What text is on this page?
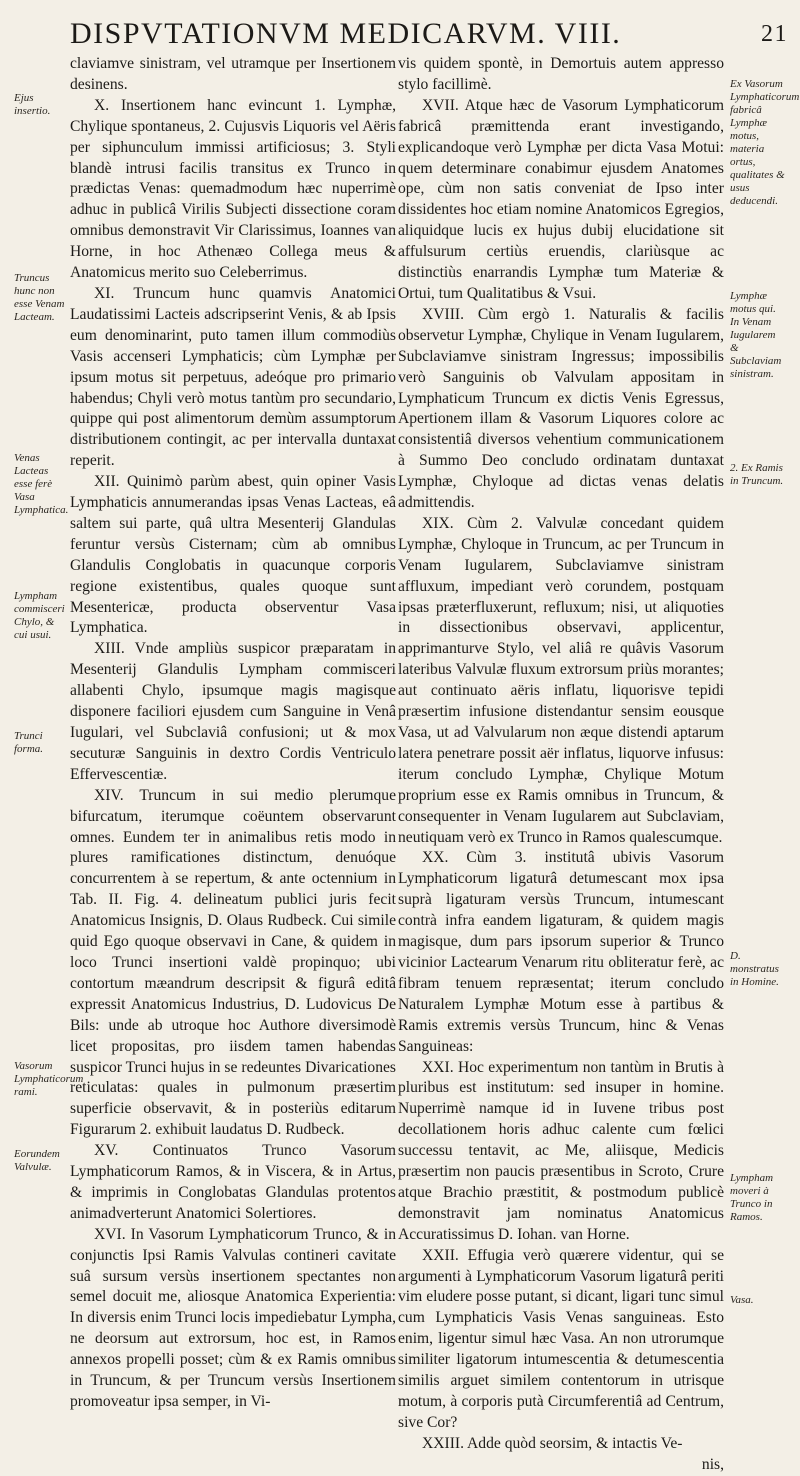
DISPVTATIONVM MEDICARVM. VIII.	21

claviamve sinistram, vel utramque per Insertionem desinens.

X. Insertionem hanc evincunt 1. Lymphæ, Chylique spontaneus, 2. Cujusvis Liquoris vel Aëris per siphunculum immissi artificiosus; 3. Styli blandè intrusi facilis transitus ex Trunco in prædictas Venas: quemadmodum hæc nuperrimè adhuc in publicâ Virilis Subjecti dissectione coram omnibus demonstravit Vir Clarissimus, Ioannes van Horne, in hoc Athenæo Collega meus & Anatomicus merito suo Celeberrimus.

XI. Truncum hunc quamvis Anatomici Laudatissimi Lacteis adscripserint Venis, & ab Ipsis eum denominarint, puto tamen illum commodiùs Vasis accenseri Lymphaticis; cùm Lymphæ per ipsum motus sit perpetuus, adeóque pro primario habendus; Chyli verò motus tantùm pro secundario, quippe qui post alimentorum demùm assumptorum distributionem contingit, ac per intervalla duntaxat reperit.

XII. Quinimò parùm abest, quin opiner Vasis Lymphaticis annumerandas ipsas Venas Lacteas, eâ saltem sui parte, quâ ultra Mesenterij Glandulas feruntur versùs Cisternam; cùm ab omnibus Glandulis Conglobatis in quacunque corporis regione existentibus, quales quoque sunt Mesentericæ, producta observentur Vasa Lymphatica.

XIII. Vnde ampliùs suspicor præparatam in Mesenterij Glandulis Lympham commisceri allabenti Chylo, ipsumque magis magisque disponere faciliori ejusdem cum Sanguine in Venâ Iugulari, vel Subclaviâ confusioni; ut & mox secuturæ Sanguinis in dextro Cordis Ventriculo Effervescentiæ.

XIV. Truncum in sui medio plerumque bifurcatum, iterumque coëuntem observarunt omnes. Eundem ter in animalibus retis modo in plures ramificationes distinctum, denuóque concurrentem à se repertum, & ante octennium in Tab. II. Fig. 4. delineatum publici juris fecit Anatomicus Insignis, D. Olaus Rudbeck. Cui simile quid Ego quoque observavi in Cane, & quidem in loco Trunci insertioni valdè propinquo; ubi contortum mæandrum descripsit & figurâ editâ expressit Anatomicus Industrius, D. Ludovicus De Bils: unde ab utroque hoc Authore diversimodè licet propositas, pro iisdem tamen habendas suspicor Trunci hujus in se redeuntes Divaricationes reticulatas: quales in pulmonum præsertim superficie observavit, & in posteriùs editarum Figurarum 2. exhibuit laudatus D. Rudbeck.

XV. Continuatos Trunco Vasorum Lymphaticorum Ramos, & in Viscera, & in Artus, & imprimis in Conglobatas Glandulas protentos animadverterunt Anatomici Solertiores.

XVI. In Vasorum Lymphaticorum Trunco, & in conjunctis Ipsi Ramis Valvulas contineri cavitate suâ sursum versùs insertionem spectantes non semel docuit me, aliosque Anatomica Experientia: In diversis enim Trunci locis impediebatur Lympha, ne deorsum aut extrorsum, hoc est, in Ramos annexos propelli posset; cùm & ex Ramis omnibus in Truncum, & per Truncum versùs Insertionem promoveatur ipsa semper, in Vi-

vis quidem spontè, in Demortuis autem appresso stylo facillimè.

XVII. Atque hæc de Vasorum Lymphaticorum fabricâ præmittenda erant investigando, explicandoque verò Lymphæ per dicta Vasa Motui: quem determinare conabimur ejusdem Anatomes ope, cùm non satis conveniat de Ipso inter dissidentes hoc etiam nomine Anatomicos Egregios, aliquidque lucis ex hujus dubij elucidatione sit affulsurum certiùs eruendis, clariùsque ac distinctiùs enarrandis Lymphæ tum Materiæ & Ortui, tum Qualitatibus & Vsui.

XVIII. Cùm ergò 1. Naturalis & facilis observetur Lymphæ, Chylique in Venam Iugularem, Subclaviamve sinistram Ingressus; impossibilis verò Sanguinis ob Valvulam appositam in Lymphaticum Truncum ex dictis Venis Egressus, Apertionem illam & Vasorum Liquores colore ac consistentiâ diversos vehentium communicationem à Summo Deo concludo ordinatam duntaxat Lymphæ, Chyloque ad dictas venas delatis admittendis.

XIX. Cùm 2. Valvulæ concedant quidem Lymphæ, Chyloque in Truncum, ac per Truncum in Venam Iugularem, Subclaviamve sinistram affluxum, impediant verò corundem, postquam ipsas præterfluxerunt, refluxum; nisi, ut aliquoties in dissectionibus observavi, applicentur, apprimanturve Stylo, vel aliâ re quâvis Vasorum lateribus Valvulæ fluxum extrorsum priùs morantes; aut continuato aëris inflatu, liquorisve tepidi præsertim infusione distendantur sensim eousque Vasa, ut ad Valvularum non æque distendi aptarum latera penetrare possit aër inflatus, liquorve infusus: iterum concludo Lymphæ, Chylique Motum proprium esse ex Ramis omnibus in Truncum, & consequenter in Venam Iugularem aut Subclaviam, neutiquam verò ex Trunco in Ramos qualescumque.

XX. Cùm 3. institutâ ubivis Vasorum Lymphaticorum ligaturâ detumescant mox ipsa suprà ligaturam versùs Truncum, intumescant contrà infra eandem ligaturam, & quidem magis magisque, dum pars ipsorum superior & Trunco vicinior Lactearum Venarum ritu obliteratur ferè, ac fibram tenuem repræsentat; iterum concludo Naturalem Lymphæ Motum esse à partibus & Ramis extremis versùs Truncum, hinc & Venas Sanguineas:

XXI. Hoc experimentum non tantùm in Brutis à pluribus est institutum: sed insuper in homine. Nuperrimè namque id in Iuvene tribus post decollationem horis adhuc calente cum fœlici successu tentavit, ac Me, aliisque, Medicis præsertim non paucis præsentibus in Scroto, Crure atque Brachio præstitit, & postmodum publicè demonstravit jam nominatus Anatomicus Accuratissimus D. Iohan. van Horne.

XXII. Effugia verò quærere videntur, qui se argumenti à Lymphaticorum Vasorum ligaturâ periti vim eludere posse putant, si dicant, ligari tunc simul cum Lymphaticis Vasis Venas sanguineas. Esto enim, ligentur simul hæc Vasa. An non utrorumque similiter ligatorum intumescentia & detumescentia similis arguet similem contentorum in utrisque motum, à corporis putà Circumferentiâ ad Centrum, sive Cor?

XXIII. Adde quòd seorsim, & intactis Ve-

nis,

Ejus insertio.
Truncus hunc non esse Venam Lacteam.
Venas Lacteas esse ferè Vasa Lymphatica.
Lympham commisceri Chylo, & cui usui.
Trunci forma.
Vasorum Lymphaticorum rami.
Eorundem Valvulæ.
Ex Vasorum Lymphaticorum fabricâ Lymphæ motus, materia ortus, qualitates & usus deducendi.
Lymphæ motus qui. In Venam Iugularem & Subclaviam sinistram.
2. Ex Ramis in Truncum.
D. monstratus in Homine.
Lympham moveri à Trunco in Ramos.
Vasa.
